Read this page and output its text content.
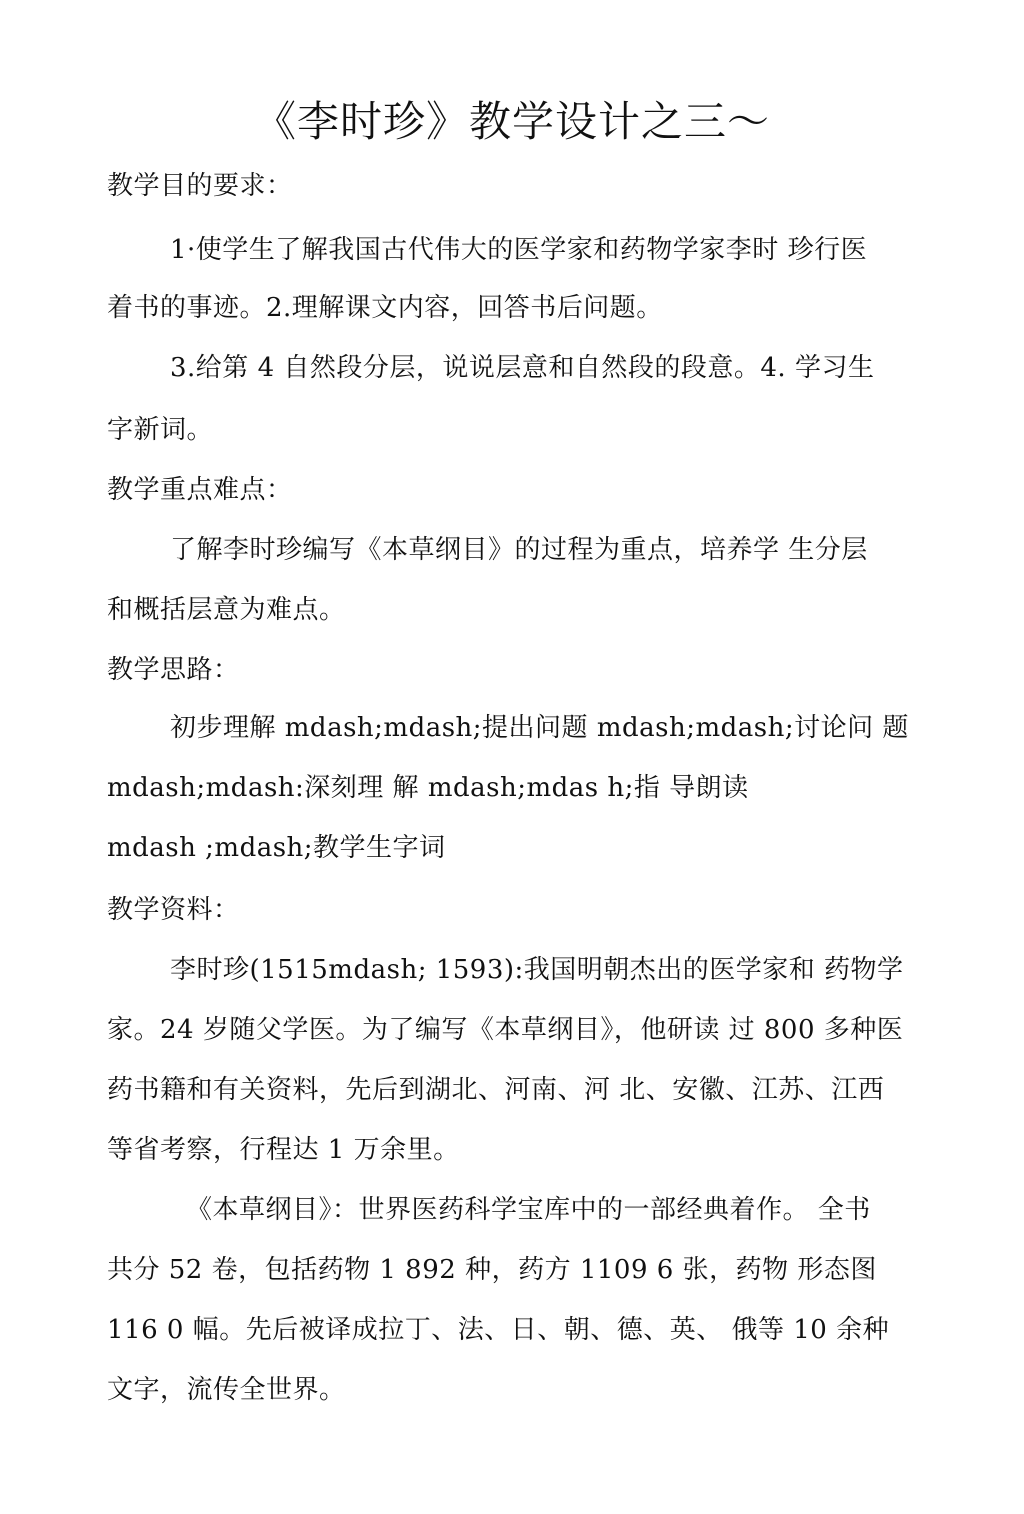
《李时珍》教学设计之三～
教学目的要求：
1·使学生了解我国古代伟大的医学家和药物学家李时 珍行医
着书的事迹。2.理解课文内容，回答书后问题。
3.给第 4 自然段分层，说说层意和自然段的段意。4. 学习生
字新词。
教学重点难点：
了解李时珍编写《本草纲目》的过程为重点，培养学 生分层
和概括层意为难点。
教学思路：
初步理解 mdash;mdash;提出问题 mdash;mdash;讨论问 题
mdash;mdash:深刻理 解 mdash;mdas h;指 导朗读
mdash ;mdash;教学生字词
教学资料：
李时珍(1515mdash; 1593):我国明朝杰出的医学家和 药物学
家。24 岁随父学医。为了编写《本草纲目》，他研读 过 800 多种医
药书籍和有关资料，先后到湖北、河南、河 北、安徽、江苏、江西
等省考察，行程达 1 万余里。
《本草纲目》：世界医药科学宝库中的一部经典着作。 全书
共分 52 卷，包括药物 1 892 种，药方 1109 6 张，药物 形态图
116 0 幅。先后被译成拉丁、法、日、朝、德、英、 俄等 10 余种
文字，流传全世界。
